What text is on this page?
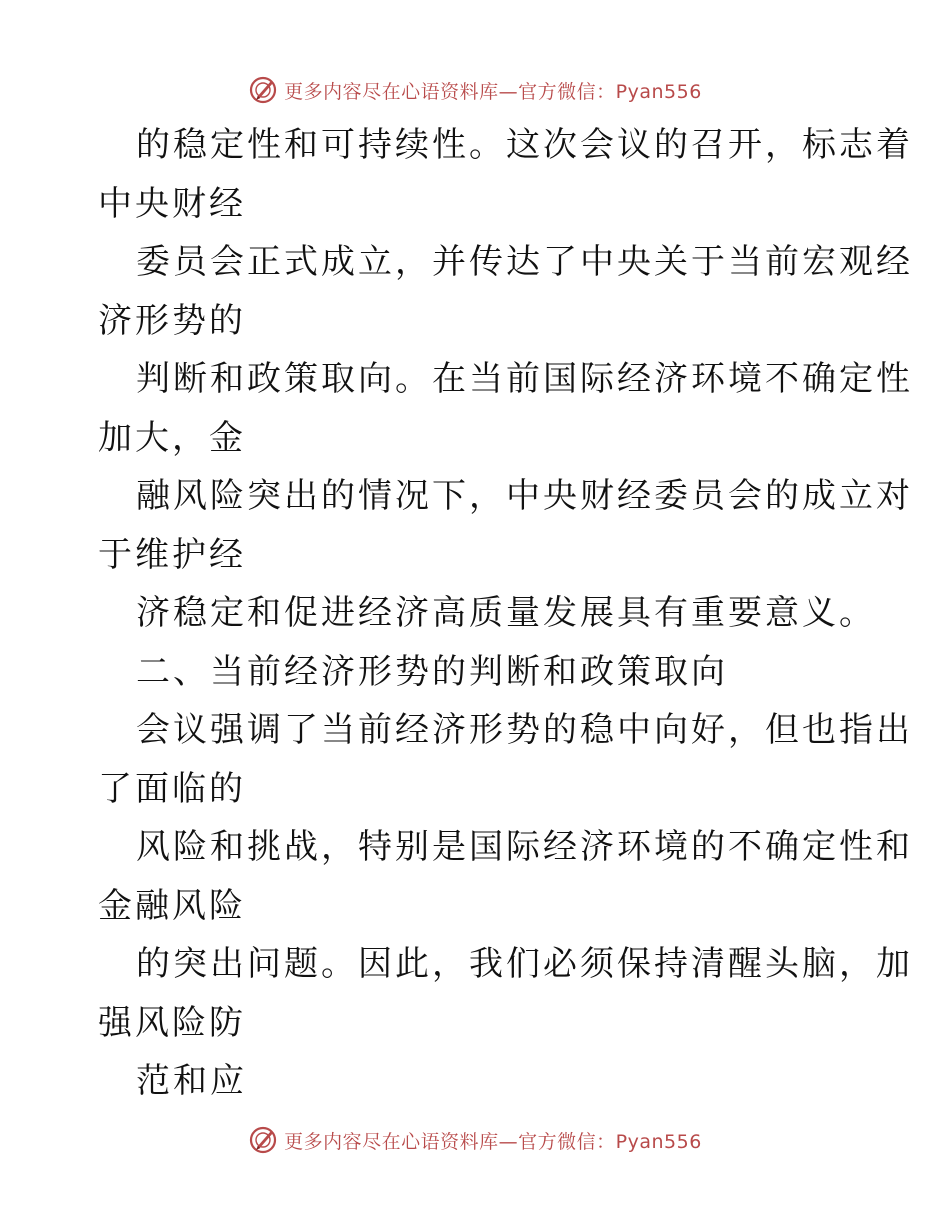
更多内容尽在心语资料库—官方微信：Pyan556
的稳定性和可持续性。这次会议的召开，标志着
中央财经
委员会正式成立，并传达了中央关于当前宏观经
济形势的
判断和政策取向。在当前国际经济环境不确定性
加大，金
融风险突出的情况下，中央财经委员会的成立对
于维护经
济稳定和促进经济高质量发展具有重要意义。
二、当前经济形势的判断和政策取向
会议强调了当前经济形势的稳中向好，但也指出
了面临的
风险和挑战，特别是国际经济环境的不确定性和
金融风险
的突出问题。因此，我们必须保持清醒头脑，加
强风险防
范和应
更多内容尽在心语资料库—官方微信：Pyan556
